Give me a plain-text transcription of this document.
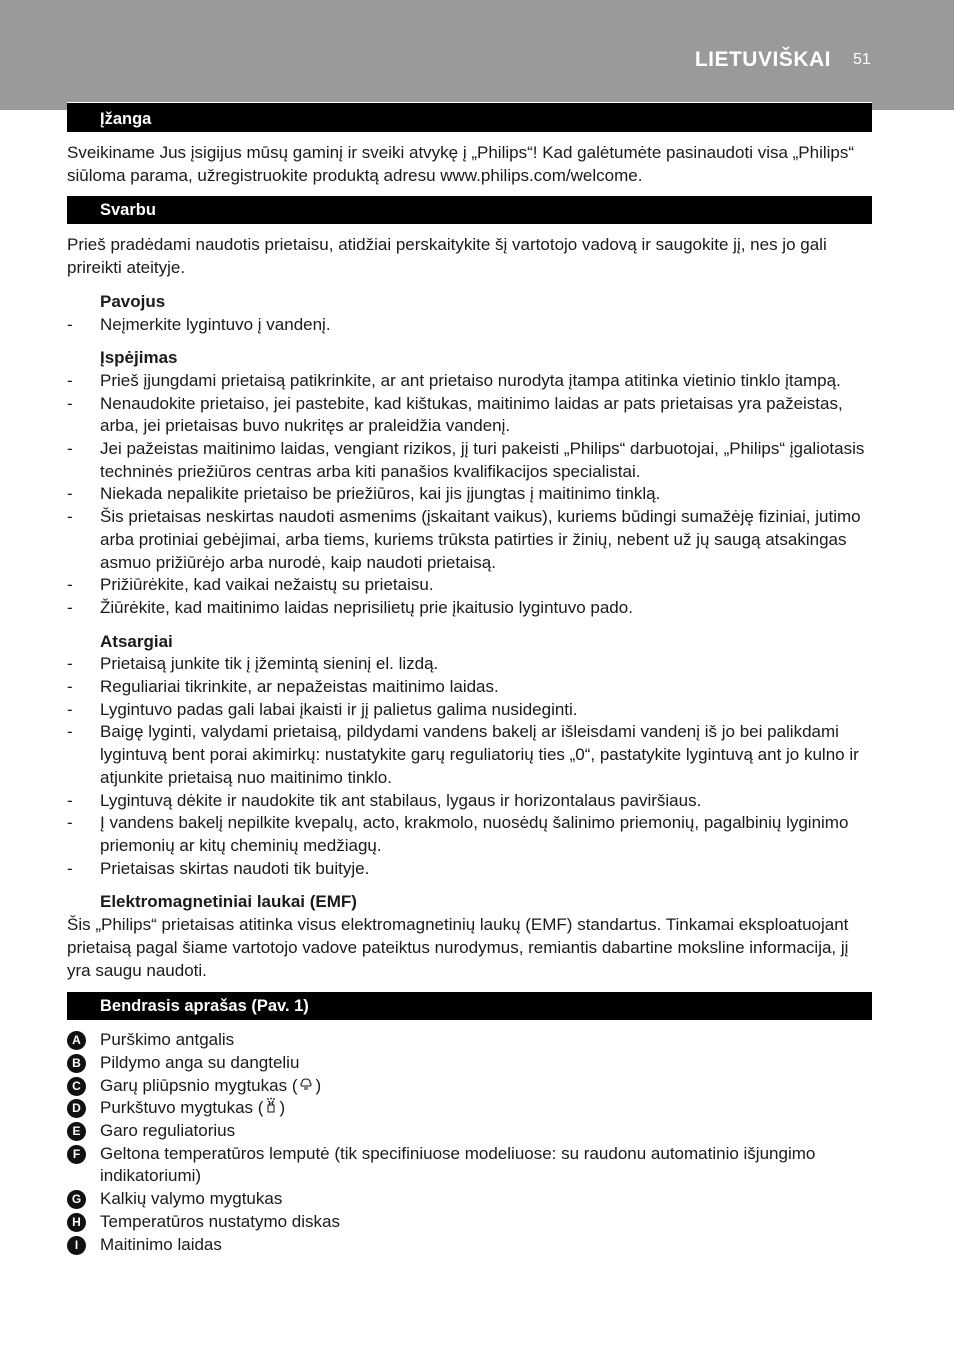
LIETUVIŠKAI 51
Įžanga

Sveikiname Jus įsigijus mūsų gaminį ir sveiki atvykę į „Philips“! Kad galėtumėte pasinaudoti visa „Philips“ siūloma parama, užregistruokite produktą adresu www.philips.com/welcome.

Svarbu

Prieš pradėdami naudotis prietaisu, atidžiai perskaitykite šį vartotojo vadovą ir saugokite jį, nes jo gali prireikti ateityje.

Pavojus

- Neįmerkite lygintuvo į vandenį.

Įspėjimas

- Prieš įjungdami prietaisą patikrinkite, ar ant prietaiso nurodyta įtampa atitinka vietinio tinklo įtampą.
- Nenaudokite prietaiso, jei pastebite, kad kištukas, maitinimo laidas ar pats prietaisas yra pažeistas, arba, jei prietaisas buvo nukritęs ar praleidžia vandenį.
- Jei pažeistas maitinimo laidas, vengiant rizikos, jį turi pakeisti „Philips“ darbuotojai, „Philips“ įgaliotasis techninės priežiūros centras arba kiti panašios kvalifikacijos specialistai.
- Niekada nepalikite prietaiso be priežiūros, kai jis įjungtas į maitinimo tinklą.
- Šis prietaisas neskirtas naudoti asmenims (įskaitant vaikus), kuriems būdingi sumažėję fiziniai, jutimo arba protiniai gebėjimai, arba tiems, kuriems trūksta patirties ir žinių, nebent už jų saugą atsakingas asmuo prižiūrėjo arba nurodė, kaip naudoti prietaisą.
- Prižiūrėkite, kad vaikai nežaistų su prietaisu.
- Žiūrėkite, kad maitinimo laidas neprisilietų prie įkaitusio lygintuvo pado.

Atsargiai

- Prietaisą junkite tik į įžemintą sieninį el. lizdą.
- Reguliariai tikrinkite, ar nepažeistas maitinimo laidas.
- Lygintuvo padas gali labai įkaisti ir jį palietus galima nusideginti.
- Baigę lyginti, valydami prietaisą, pildydami vandens bakelį ar išleisdami vandenį iš jo bei palikdami lygintuvą bent porai akimirkų: nustatykite garų reguliatorių ties „0“, pastatykite lygintuvą ant jo kulno ir atjunkite prietaisą nuo maitinimo tinklo.
- Lygintuvą dėkite ir naudokite tik ant stabilaus, lygaus ir horizontalaus paviršiaus.
- Į vandens bakelį nepilkite kvepalų, acto, krakmolo, nuosėdų šalinimo priemonių, pagalbinių lyginimo priemonių ar kitų cheminių medžiagų.
- Prietaisas skirtas naudoti tik buityje.

Elektromagnetiniai laukai (EMF)

Šis „Philips“ prietaisas atitinka visus elektromagnetinių laukų (EMF) standartus. Tinkamai eksploatuojant prietaisą pagal šiame vartotojo vadove pateiktus nurodymus, remiantis dabartine moksline informacija, jį yra saugu naudoti.

Bendrasis aprašas (Pav. 1)
A	Purškimo antgalis
B	Pildymo anga su dangteliu
C	Garų pliūpsnio mygtukas ( )
D	Purkštuvo mygtukas ( )
E	Garo reguliatorius
F	Geltona temperatūros lemputė (tik specifiniuose modeliuose: su raudonu automatinio išjungimo indikatoriumi)
G Kalkių valymo mygtukas
H	Temperatūros nustatymo diskas
I	Maitinimo laidas
